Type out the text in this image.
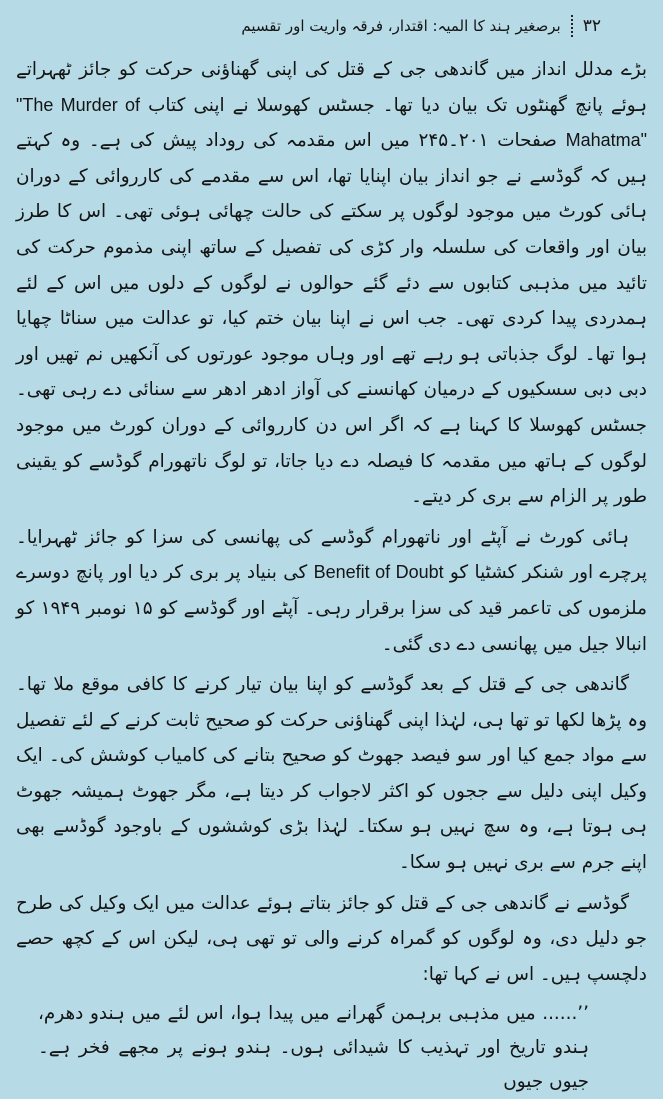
۳۲
برصغیر ہند کا المیہ: اقتدار، فرقہ واریت اور تقسیم

بڑے مدلل انداز میں گاندھی جی کے قتل کی اپنی گھناؤنی حرکت کو جائز ٹھہراتے ہوئے پانچ گھنٹوں تک بیان دیا تھا۔ جسٹس کھوسلا نے اپنی کتاب "The Murder of Mahatma" صفحات ۲۰۱۔۲۴۵ میں اس مقدمہ کی روداد پیش کی ہے۔ وہ کہتے ہیں کہ گوڈسے نے جو انداز بیان اپنایا تھا، اس سے مقدمے کی کارروائی کے دوران ہائی کورٹ میں موجود لوگوں پر سکتے کی حالت چھائی ہوئی تھی۔ اس کا طرز بیان اور واقعات کی سلسلہ وار کڑی کی تفصیل کے ساتھ اپنی مذموم حرکت کی تائید میں مذہبی کتابوں سے دئے گئے حوالوں نے لوگوں کے دلوں میں اس کے لئے ہمدردی پیدا کردی تھی۔ جب اس نے اپنا بیان ختم کیا، تو عدالت میں سناٹا چھایا ہوا تھا۔ لوگ جذباتی ہو رہے تھے اور وہاں موجود عورتوں کی آنکھیں نم تھیں اور دبی دبی سسکیوں کے درمیان کھانسنے کی آواز ادھر ادھر سے سنائی دے رہی تھی۔ جسٹس کھوسلا کا کہنا ہے کہ اگر اس دن کارروائی کے دوران کورٹ میں موجود لوگوں کے ہاتھ میں مقدمہ کا فیصلہ دے دیا جاتا، تو لوگ ناتھورام گوڈسے کو یقینی طور پر الزام سے بری کر دیتے۔

ہائی کورٹ نے آپٹے اور ناتھورام گوڈسے کی پھانسی کی سزا کو جائز ٹھہرایا۔ پرچرے اور شنکر کشٹیا کو Benefit of Doubt کی بنیاد پر بری کر دیا اور پانچ دوسرے ملزموں کی تاعمر قید کی سزا برقرار رہی۔ آپٹے اور گوڈسے کو ۱۵ نومبر ۱۹۴۹ کو انبالا جیل میں پھانسی دے دی گئی۔

گاندھی جی کے قتل کے بعد گوڈسے کو اپنا بیان تیار کرنے کا کافی موقع ملا تھا۔ وہ پڑھا لکھا تو تھا ہی، لہٰذا اپنی گھناؤنی حرکت کو صحیح ثابت کرنے کے لئے تفصیل سے مواد جمع کیا اور سو فیصد جھوٹ کو صحیح بتانے کی کامیاب کوشش کی۔ ایک وکیل اپنی دلیل سے ججوں کو اکثر لاجواب کر دیتا ہے، مگر جھوٹ ہمیشہ جھوٹ ہی ہوتا ہے، وہ سچ نہیں ہو سکتا۔ لہٰذا بڑی کوششوں کے باوجود گوڈسے بھی اپنے جرم سے بری نہیں ہو سکا۔

گوڈسے نے گاندھی جی کے قتل کو جائز بتاتے ہوئے عدالت میں ایک وکیل کی طرح جو دلیل دی، وہ لوگوں کو گمراہ کرنے والی تو تھی ہی، لیکن اس کے کچھ حصے دلچسپ ہیں۔ اس نے کہا تھا:

’’...... میں مذہبی برہمن گھرانے میں پیدا ہوا، اس لئے میں ہندو دھرم، ہندو تاریخ اور تہذیب کا شیدائی ہوں۔ ہندو ہونے پر مجھے فخر ہے۔ جیوں جیوں
